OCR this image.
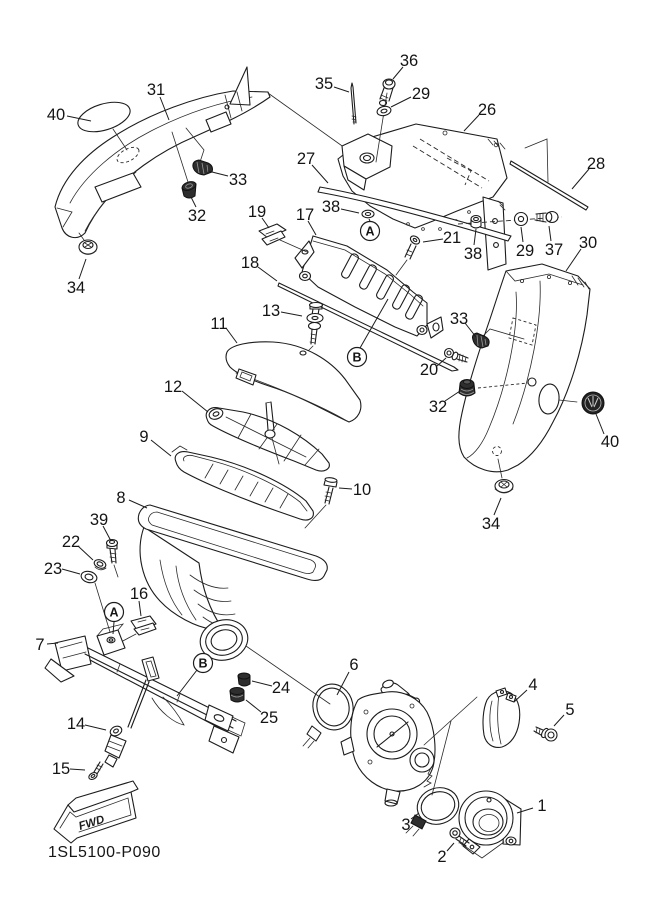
FWD
1SL5100-P090
A
B
A
B
40
31
33
32
34
36
35
29
26
27
38
17
19
21
28
38 29 37 30
18
13
11	33
20
32
40
34
12
9
10
8
39
22
23
16
7
14
15
24
25
6
3
4
5
1
2
